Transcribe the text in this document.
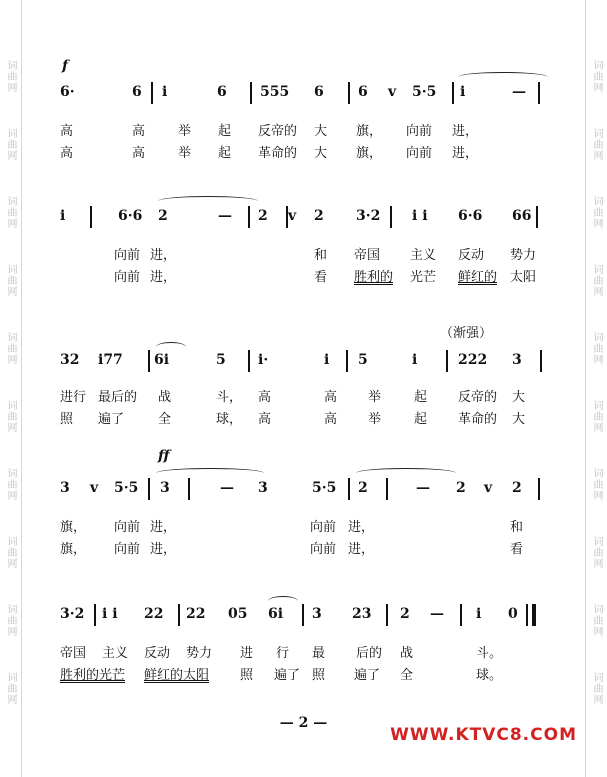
词曲网
词曲网
词曲网
词曲网
词曲网
词曲网
词曲网
词曲网
词曲网
词曲网
词曲网
词曲网
词曲网
词曲网
词曲网
词曲网
词曲网
词曲网
词曲网
词曲网
f
6·	6 i	6 555 6 6 v 5·5 i	—
高	高	举 起 反帝的 大 旗， 向前 进，
高	高	举 起 革命的 大 旗， 向前 进，
i	6·6 2	— 2 v 2 3·2 i i 6·6 66
向前 进，	和 帝国 主义 反动 势力
向前 进，	看 胜利的 光芒 鲜红的 太阳
（渐强）
32 i77 6i	5 i·	i 5	i	222 3
进行 最后的 战	斗， 高	高 举	起 反帝的 大
照 遍了	全	球， 高	高 举	起 革命的 大
ff
3 v 5·5 3	— 3	5·5 2	— 2 v 2
旗， 向前 进，	向前 进，	和
旗， 向前 进，	向前 进，	看
3·2 i i 22 22 05 6i 3 23 2 — i 0
帝国 主义 反动 势力 进 行 最 后的 战	斗。
胜利的光芒 鲜红的太阳 照 遍了 照 遍了 全	球。
— 2 —
WWW.KTVC8.COM
